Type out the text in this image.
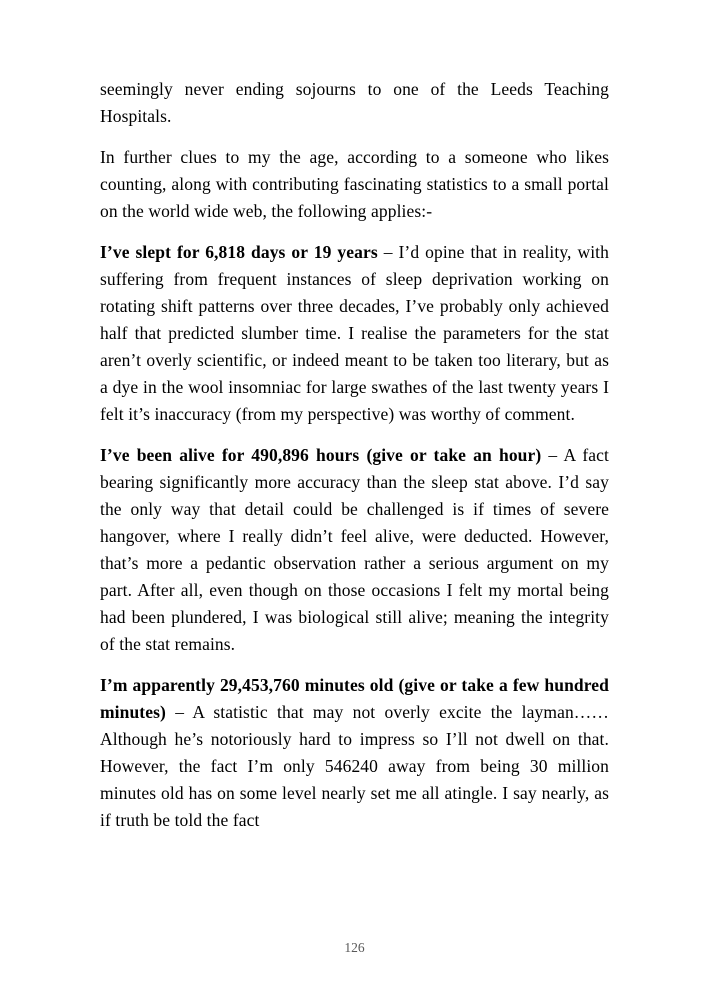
seemingly never ending sojourns to one of the Leeds Teaching Hospitals.

In further clues to my the age, according to a someone who likes counting, along with contributing fascinating statistics to a small portal on the world wide web, the following applies:-

I’ve slept for 6,818 days or 19 years – I’d opine that in reality, with suffering from frequent instances of sleep deprivation working on rotating shift patterns over three decades, I’ve probably only achieved half that predicted slumber time. I realise the parameters for the stat aren’t overly scientific, or indeed meant to be taken too literary, but as a dye in the wool insomniac for large swathes of the last twenty years I felt it’s inaccuracy (from my perspective) was worthy of comment.

I’ve been alive for 490,896 hours (give or take an hour) – A fact bearing significantly more accuracy than the sleep stat above. I’d say the only way that detail could be challenged is if times of severe hangover, where I really didn’t feel alive, were deducted. However, that’s more a pedantic observation rather a serious argument on my part. After all, even though on those occasions I felt my mortal being had been plundered, I was biological still alive; meaning the integrity of the stat remains.

I’m apparently 29,453,760 minutes old (give or take a few hundred minutes) – A statistic that may not overly excite the layman…… Although he’s notoriously hard to impress so I’ll not dwell on that. However, the fact I’m only 546240 away from being 30 million minutes old has on some level nearly set me all atingle. I say nearly, as if truth be told the fact

126
